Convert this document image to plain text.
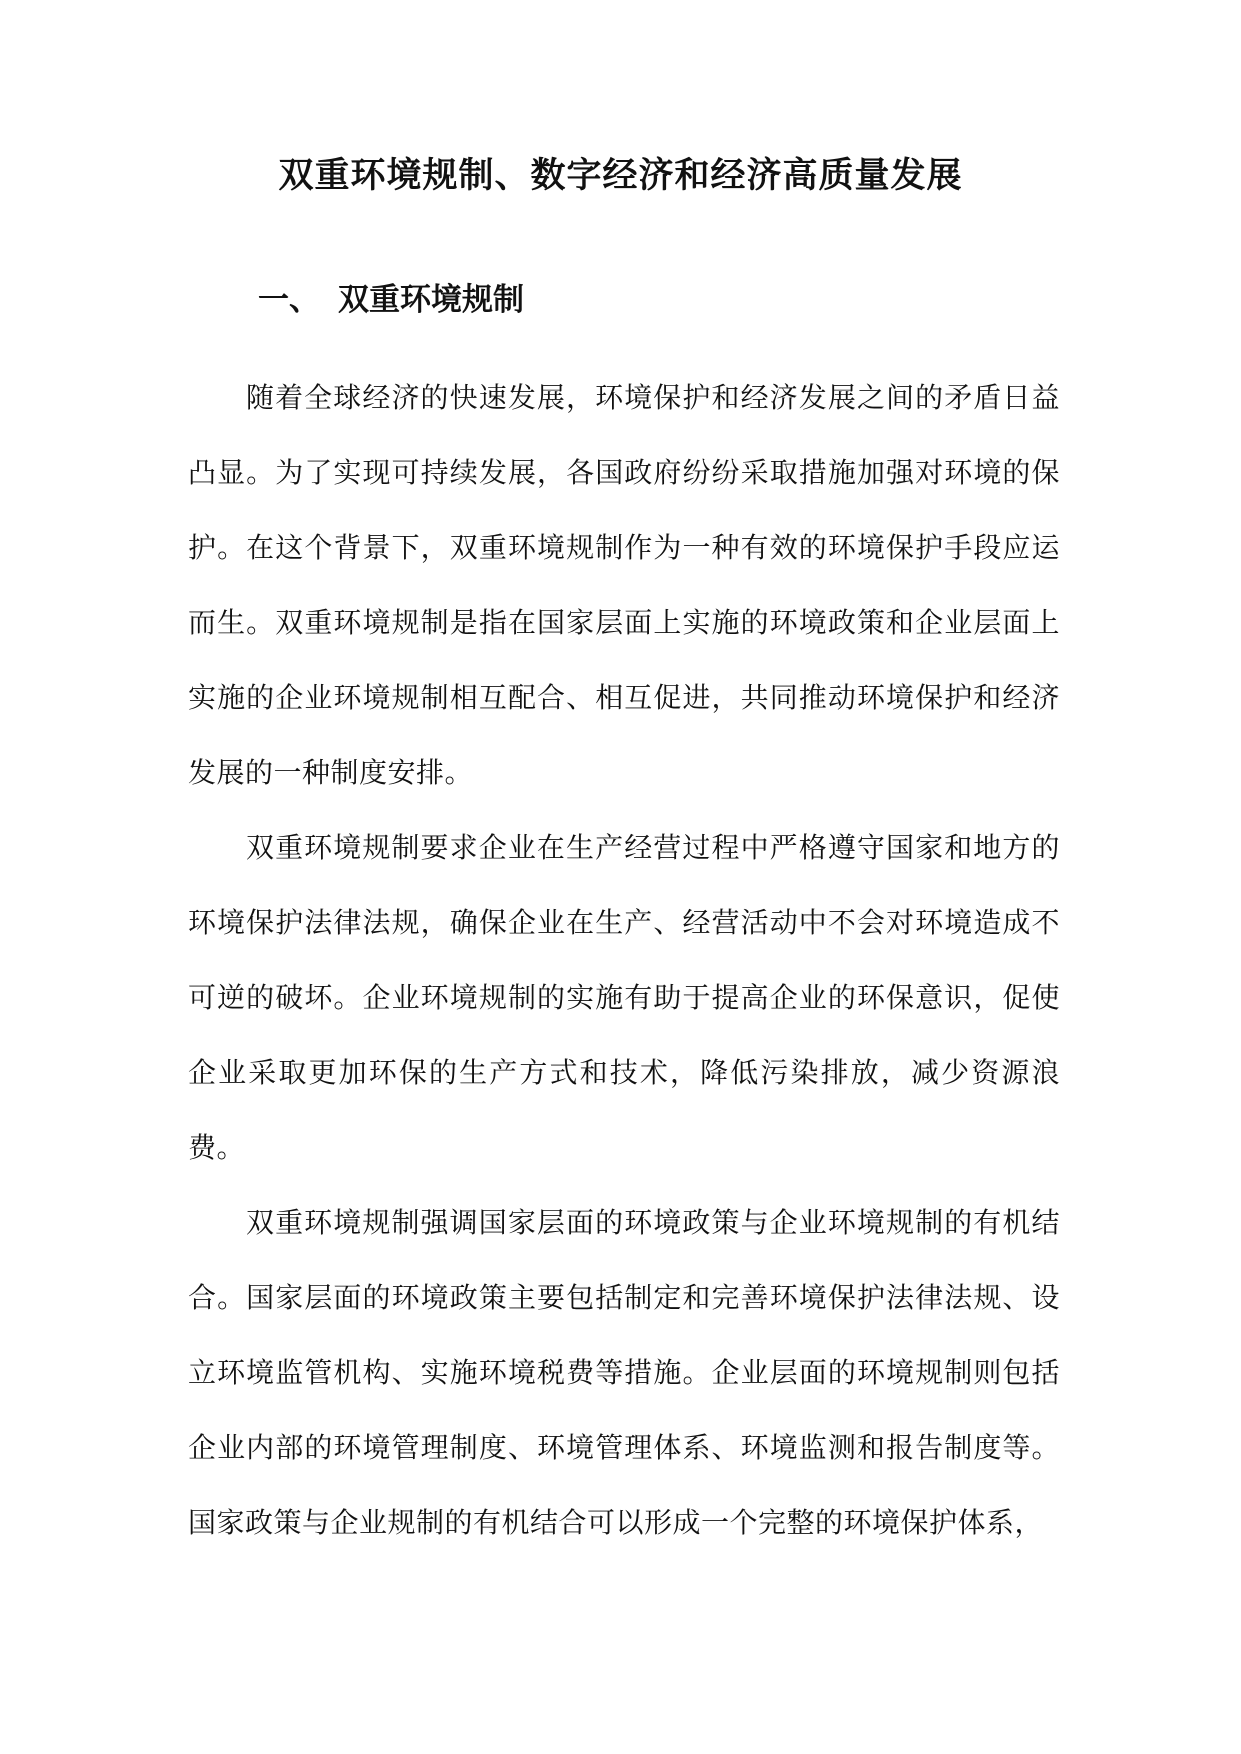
双重环境规制、数字经济和经济高质量发展
一、 双重环境规制

随着全球经济的快速发展，环境保护和经济发展之间的矛盾日益凸显。为了实现可持续发展，各国政府纷纷采取措施加强对环境的保护。在这个背景下，双重环境规制作为一种有效的环境保护手段应运而生。双重环境规制是指在国家层面上实施的环境政策和企业层面上实施的企业环境规制相互配合、相互促进，共同推动环境保护和经济发展的一种制度安排。

双重环境规制要求企业在生产经营过程中严格遵守国家和地方的环境保护法律法规，确保企业在生产、经营活动中不会对环境造成不可逆的破坏。企业环境规制的实施有助于提高企业的环保意识，促使企业采取更加环保的生产方式和技术，降低污染排放，减少资源浪费。

双重环境规制强调国家层面的环境政策与企业环境规制的有机结合。国家层面的环境政策主要包括制定和完善环境保护法律法规、设立环境监管机构、实施环境税费等措施。企业层面的环境规制则包括企业内部的环境管理制度、环境管理体系、环境监测和报告制度等。国家政策与企业规制的有机结合可以形成一个完整的环境保护体系，
